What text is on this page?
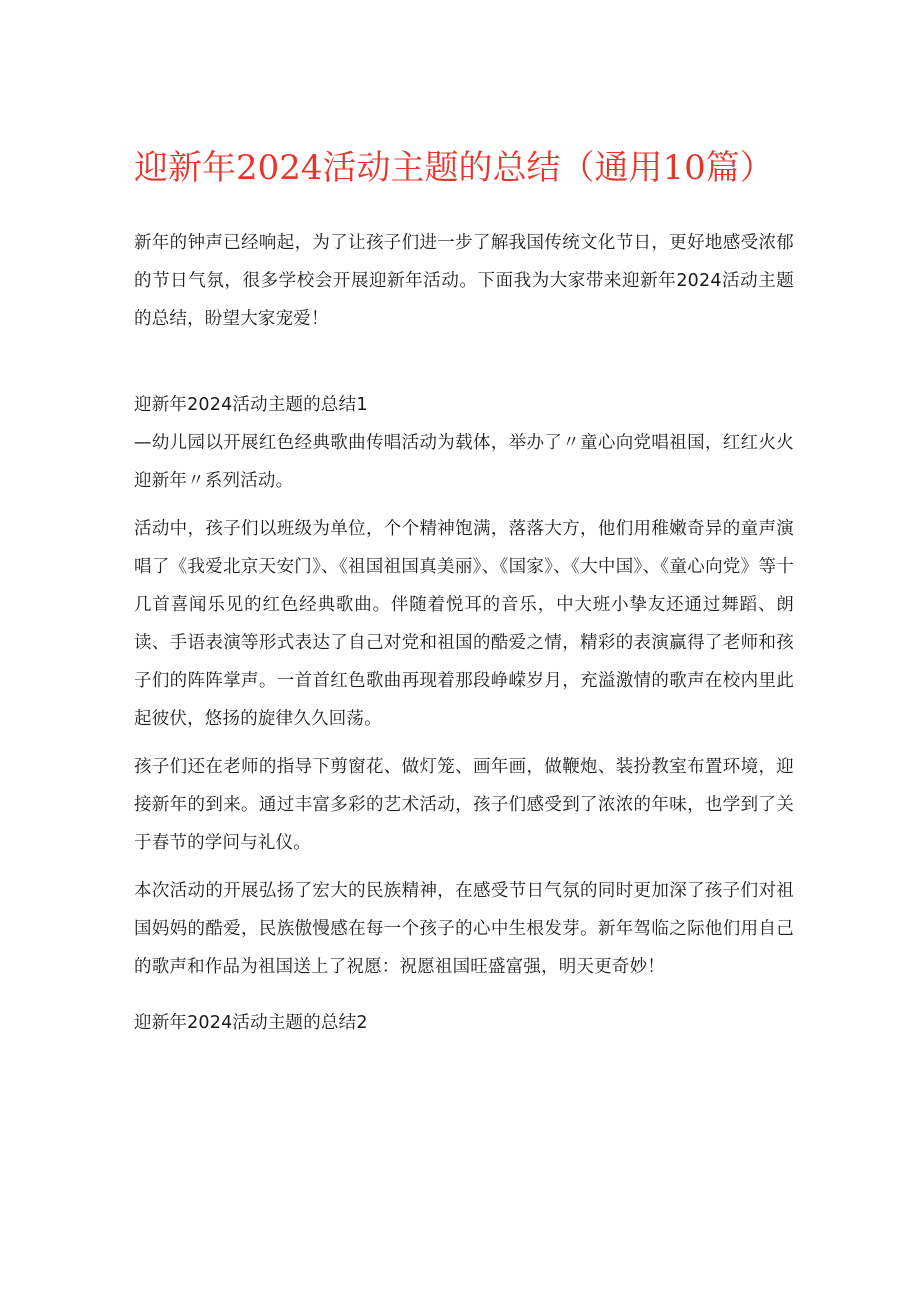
迎新年2024活动主题的总结（通用10篇）

新年的钟声已经响起，为了让孩子们进一步了解我国传统文化节日，更好地感受浓郁的节日气氛，很多学校会开展迎新年活动。下面我为大家带来迎新年2024活动主题的总结，盼望大家宠爱！

迎新年2024活动主题的总结1

—幼儿园以开展红色经典歌曲传唱活动为载体，举办了〃童心向党唱祖国，红红火火迎新年〃系列活动。

活动中，孩子们以班级为单位，个个精神饱满，落落大方，他们用稚嫩奇异的童声演唱了《我爱北京天安门》、《祖国祖国真美丽》、《国家》、《大中国》、《童心向党》等十几首喜闻乐见的红色经典歌曲。伴随着悦耳的音乐，中大班小挚友还通过舞蹈、朗读、手语表演等形式表达了自己对党和祖国的酷爱之情，精彩的表演赢得了老师和孩子们的阵阵掌声。一首首红色歌曲再现着那段峥嵘岁月，充溢激情的歌声在校内里此起彼伏，悠扬的旋律久久回荡。

孩子们还在老师的指导下剪窗花、做灯笼、画年画，做鞭炮、装扮教室布置环境，迎接新年的到来。通过丰富多彩的艺术活动，孩子们感受到了浓浓的年味，也学到了关于春节的学问与礼仪。

本次活动的开展弘扬了宏大的民族精神，在感受节日气氛的同时更加深了孩子们对祖国妈妈的酷爱，民族傲慢感在每一个孩子的心中生根发芽。新年驾临之际他们用自己的歌声和作品为祖国送上了祝愿：祝愿祖国旺盛富强，明天更奇妙！

迎新年2024活动主题的总结2
